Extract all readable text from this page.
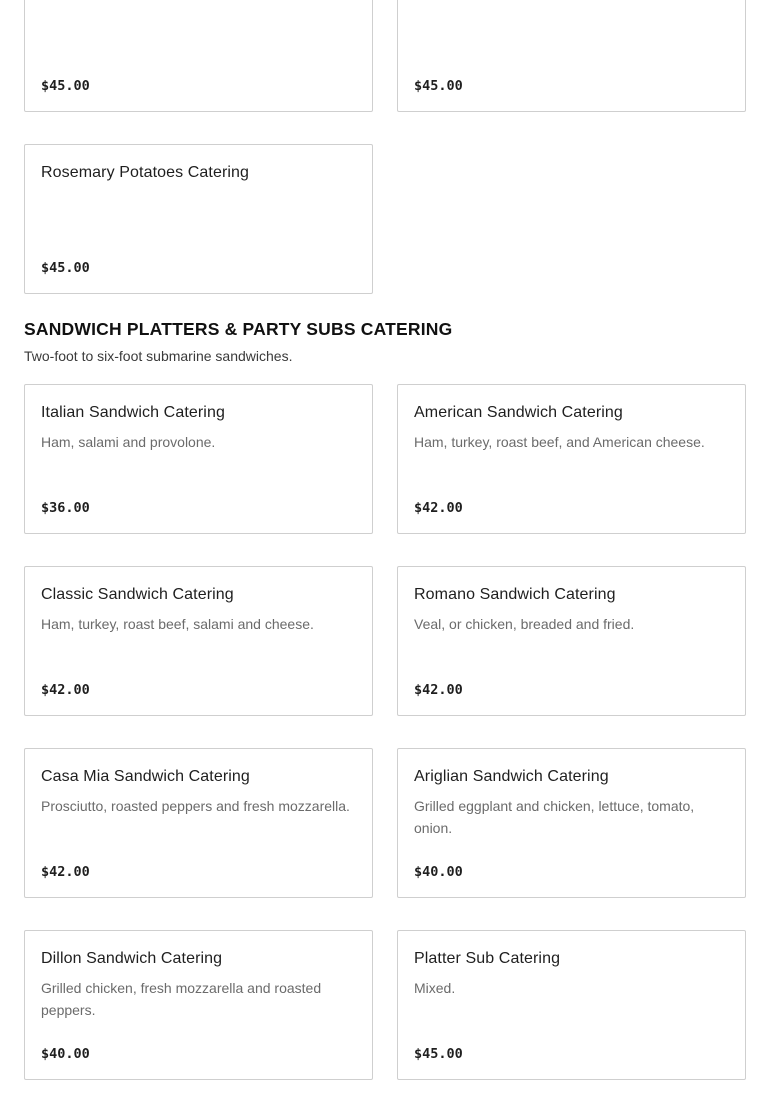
$45.00	$45.00
Rosemary Potatoes Catering
$45.00
SANDWICH PLATTERS & PARTY SUBS CATERING

Two-foot to six-foot submarine sandwiches.

Italian Sandwich Catering
Ham, salami and provolone.
$36.00
American Sandwich Catering
Ham, turkey, roast beef, and American cheese.
$42.00
Classic Sandwich Catering
Ham, turkey, roast beef, salami and cheese.
$42.00
Romano Sandwich Catering
Veal, or chicken, breaded and fried.
$42.00
Casa Mia Sandwich Catering
Prosciutto, roasted peppers and fresh mozzarella.
$42.00
Ariglian Sandwich Catering
Grilled eggplant and chicken, lettuce, tomato, onion.
$40.00
Dillon Sandwich Catering
Grilled chicken, fresh mozzarella and roasted peppers.
$40.00
Platter Sub Catering
Mixed.
$45.00
